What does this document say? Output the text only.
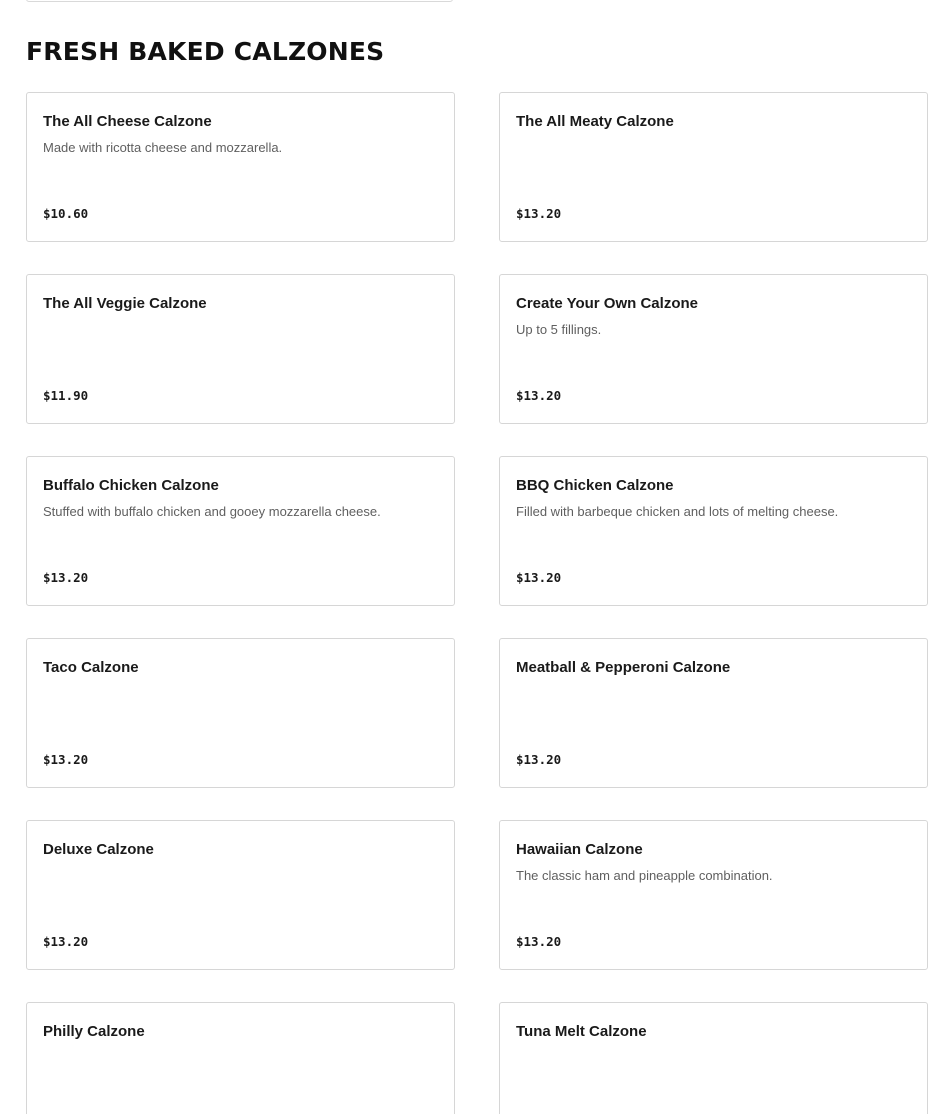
FRESH BAKED CALZONES
The All Cheese Calzone
Made with ricotta cheese and mozzarella.
$10.60
The All Meaty Calzone
$13.20
The All Veggie Calzone
$11.90
Create Your Own Calzone
Up to 5 fillings.
$13.20
Buffalo Chicken Calzone
Stuffed with buffalo chicken and gooey mozzarella cheese.
$13.20
BBQ Chicken Calzone
Filled with barbeque chicken and lots of melting cheese.
$13.20
Taco Calzone
$13.20
Meatball & Pepperoni Calzone
$13.20
Deluxe Calzone
$13.20
Hawaiian Calzone
The classic ham and pineapple combination.
$13.20
Philly Calzone	Tuna Melt Calzone
